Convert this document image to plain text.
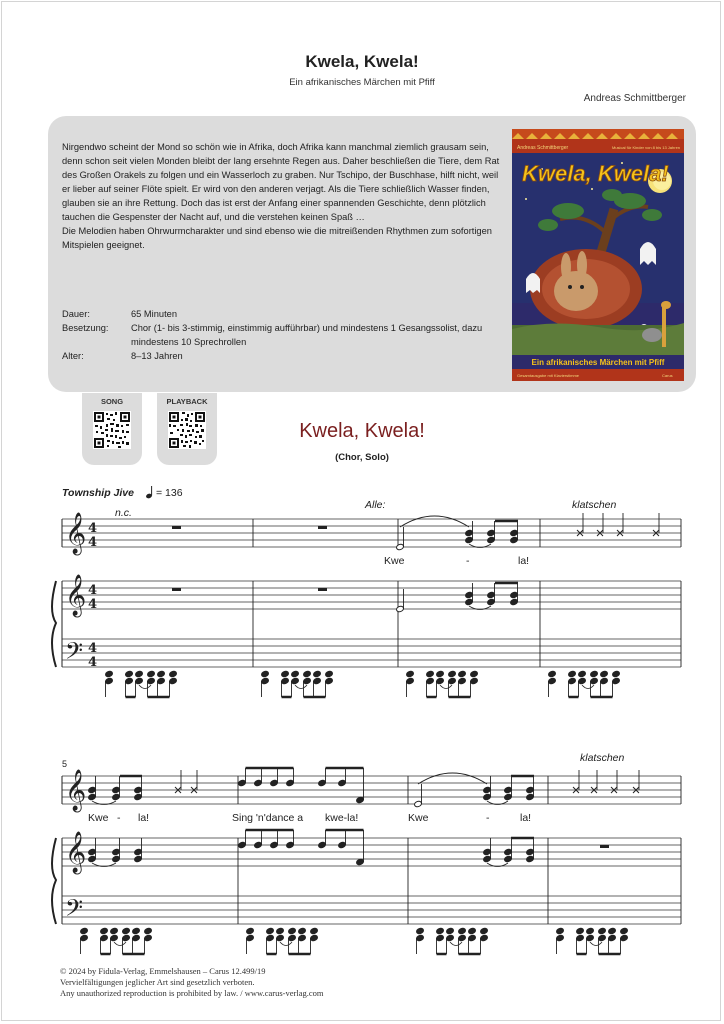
Kwela, Kwela!
Ein afrikanisches Märchen mit Pfiff
Andreas Schmittberger

Nirgendwo scheint der Mond so schön wie in Afrika, doch Afrika kann manchmal ziemlich grausam sein, denn schon seit vielen Monden bleibt der lang ersehnte Regen aus. Daher beschließen die Tiere, dem Rat des Großen Orakels zu folgen und ein Wasserloch zu graben. Nur Tschipo, der Buschhase, hilft nicht, weil er lieber auf seiner Flöte spielt. Er wird von den anderen verjagt. Als die Tiere schließlich Wasser finden, glauben sie an ihre Rettung. Doch das ist erst der Anfang einer spannenden Geschichte, denn plötzlich tauchen die Gespenster der Nacht auf, und die verstehen keinen Spaß …

Die Melodien haben Ohrwurmcharakter und sind ebenso wie die mitreißenden Rhythmen zum sofortigen Mitspielen geeignet.

Dauer:	65 Minuten
Besetzung:	Chor (1- bis 3-stimmig, einstimmig aufführbar) und mindestens 1 Gesangssolist, dazu mindestens 10 Sprechrollen
Alter:	8–13 Jahren
Andreas Schmittberger	Musical für Kinder von 8 bis 13 Jahren
Kwela, Kwela!
Ein afrikanisches Märchen mit Pfiff
Gesamtausgabe mit Klavierstimme	Carus
SONG	PLAYBACK
Kwela, Kwela!
(Chor, Solo)
Township Jive = 136
n.c.
Alle:	klatschen
klatschen
5
Kwe	-	la!
Kwe - la!	Sing 'n'dance a kwe-la!	Kwe	-	la!
𝄞
𝄞
𝄢
4
4
4
4
4
4
𝄞
𝄞
𝄢
© 2024 by Fidula-Verlag, Emmelshausen – Carus 12.499/19
Vervielfältigungen jeglicher Art sind gesetzlich verboten.
Any unauthorized reproduction is prohibited by law. / www.carus-verlag.com
